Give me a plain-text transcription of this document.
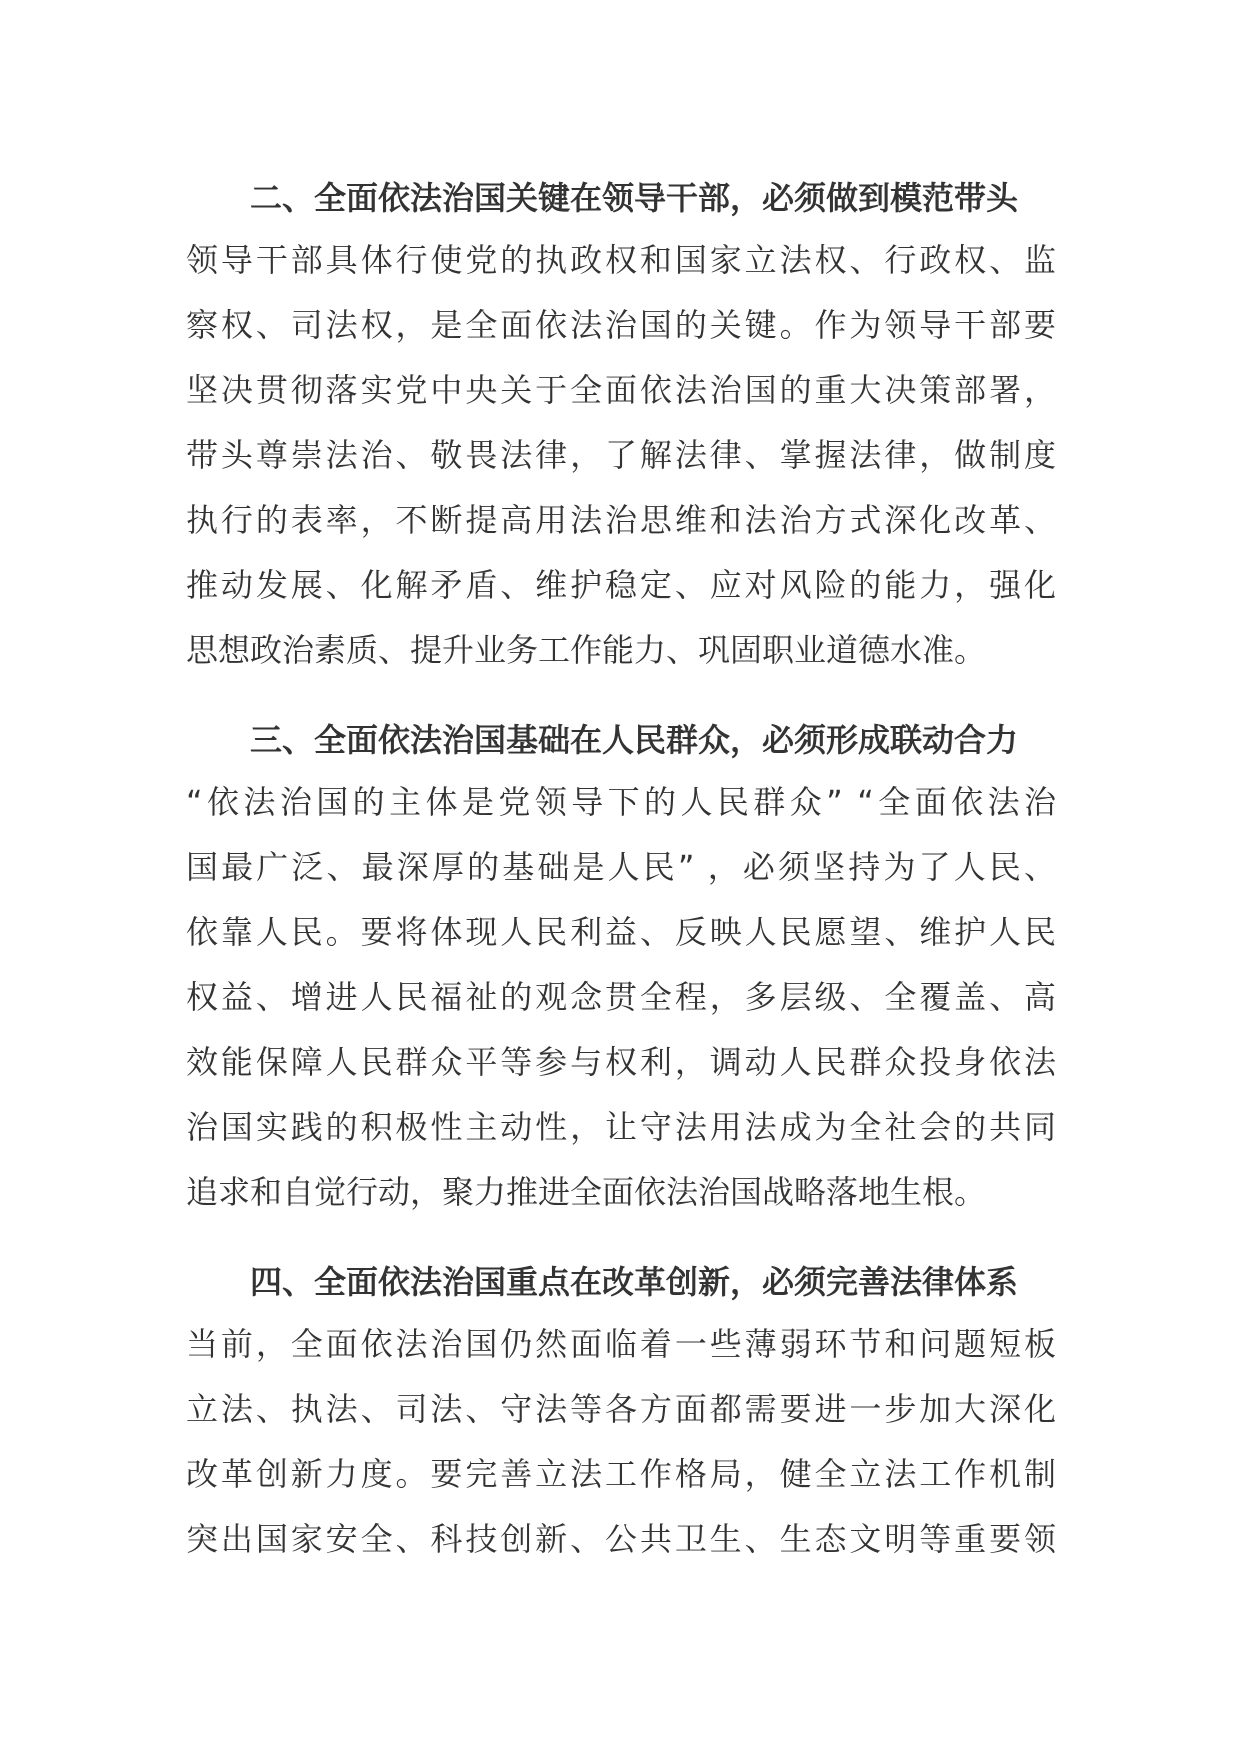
二、全面依法治国关键在领导干部，必须做到模范带头

领导干部具体行使党的执政权和国家立法权、行政权、监

察权、司法权，是全面依法治国的关键。作为领导干部要

坚决贯彻落实党中央关于全面依法治国的重大决策部署，

带头尊崇法治、敬畏法律，了解法律、掌握法律，做制度

执行的表率，不断提高用法治思维和法治方式深化改革、

推动发展、化解矛盾、维护稳定、应对风险的能力，强化

思想政治素质、提升业务工作能力、巩固职业道德水准。

三、全面依法治国基础在人民群众，必须形成联动合力

“依法治国的主体是党领导下的人民群众” “全面依法治

国最广泛、最深厚的基础是人民” ，必须坚持为了人民、

依靠人民。要将体现人民利益、反映人民愿望、维护人民

权益、增进人民福祉的观念贯全程，多层级、全覆盖、高

效能保障人民群众平等参与权利，调动人民群众投身依法

治国实践的积极性主动性，让守法用法成为全社会的共同

追求和自觉行动，聚力推进全面依法治国战略落地生根。

四、全面依法治国重点在改革创新，必须完善法律体系

当前，全面依法治国仍然面临着一些薄弱环节和问题短板

立法、执法、司法、守法等各方面都需要进一步加大深化

改革创新力度。要完善立法工作格局，健全立法工作机制

突出国家安全、科技创新、公共卫生、生态文明等重要领
